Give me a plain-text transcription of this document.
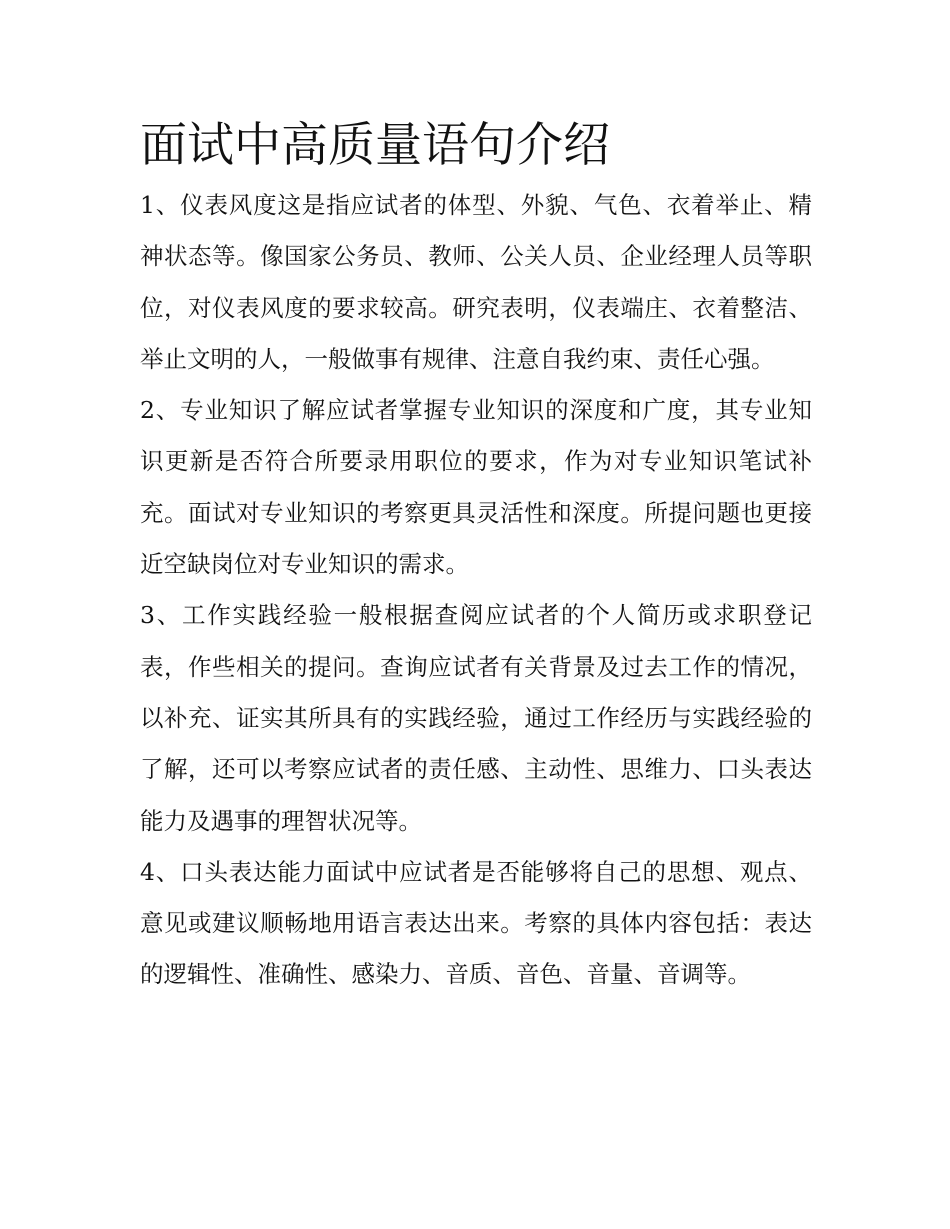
面试中高质量语句介绍

1、仪表风度这是指应试者的体型、外貌、气色、衣着举止、精神状态等。像国家公务员、教师、公关人员、企业经理人员等职位，对仪表风度的要求较高。研究表明，仪表端庄、衣着整洁、举止文明的人，一般做事有规律、注意自我约束、责任心强。

2、专业知识了解应试者掌握专业知识的深度和广度，其专业知识更新是否符合所要录用职位的要求，作为对专业知识笔试补充。面试对专业知识的考察更具灵活性和深度。所提问题也更接近空缺岗位对专业知识的需求。

3、工作实践经验一般根据查阅应试者的个人简历或求职登记表，作些相关的提问。查询应试者有关背景及过去工作的情况，以补充、证实其所具有的实践经验，通过工作经历与实践经验的了解，还可以考察应试者的责任感、主动性、思维力、口头表达能力及遇事的理智状况等。

4、口头表达能力面试中应试者是否能够将自己的思想、观点、意见或建议顺畅地用语言表达出来。考察的具体内容包括：表达的逻辑性、准确性、感染力、音质、音色、音量、音调等。
